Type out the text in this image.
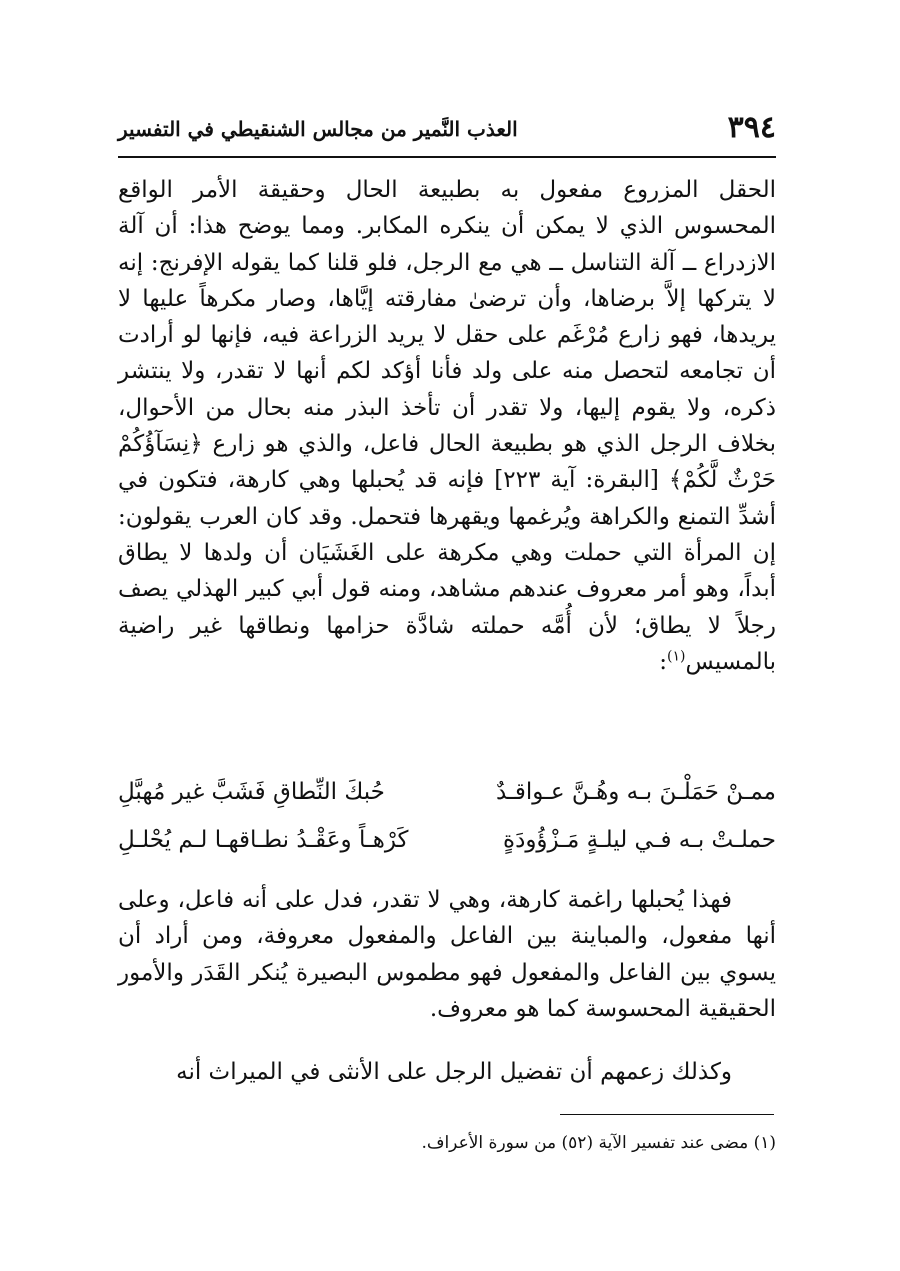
٣٩٤
العذب النَّمير من مجالس الشنقيطي في التفسير

الحقل المزروع مفعول به بطبيعة الحال وحقيقة الأمر الواقع المحسوس الذي لا يمكن أن ينكره المكابر. ومما يوضح هذا: أن آلة الازدراع ــ آلة التناسل ــ هي مع الرجل، فلو قلنا كما يقوله الإفرنج: إنه لا يتركها إلاَّ برضاها، وأن ترضىٰ مفارقته إيَّاها، وصار مكرهاً عليها لا يريدها، فهو زارع مُرْغَم على حقل لا يريد الزراعة فيه، فإنها لو أرادت أن تجامعه لتحصل منه على ولد فأنا أؤكد لكم أنها لا تقدر، ولا ينتشر ذكره، ولا يقوم إليها، ولا تقدر أن تأخذ البذر منه بحال من الأحوال، بخلاف الرجل الذي هو بطبيعة الحال فاعل، والذي هو زارع ﴿نِسَآؤُكُمْ حَرْثٌ لَّكُمْ﴾ [البقرة: آية ٢٢٣] فإنه قد يُحبلها وهي كارهة، فتكون في أشدِّ التمنع والكراهة ويُرغمها ويقهرها فتحمل. وقد كان العرب يقولون: إن المرأة التي حملت وهي مكرهة على الغَشَيَان أن ولدها لا يطاق أبداً، وهو أمر معروف عندهم مشاهد، ومنه قول أبي كبير الهذلي يصف رجلاً لا يطاق؛ لأن أُمَّه حملته شادَّة حزامها ونطاقها غير راضية بالمسيس$^{(١)}$:

ممـنْ حَمَلْـنَ بـه وهُـنَّ عـواقـدٌ
حُبكَ النِّطاقِ فَشَبَّ غير مُهبَّلِ
حملـتْ بـه فـي ليلـةٍ مَـزْؤُودَةٍ
كَرْهـاً وعَقْـدُ نطـاقهـا لـم يُحْلـلِ

فهذا يُحبلها راغمة كارهة، وهي لا تقدر، فدل على أنه فاعل، وعلى أنها مفعول، والمباينة بين الفاعل والمفعول معروفة، ومن أراد أن يسوي بين الفاعل والمفعول فهو مطموس البصيرة يُنكر القَدَر والأمور الحقيقية المحسوسة كما هو معروف.

وكذلك زعمهم أن تفضيل الرجل على الأنثى في الميراث أنه

(١) مضى عند تفسير الآية (٥٢) من سورة الأعراف.
